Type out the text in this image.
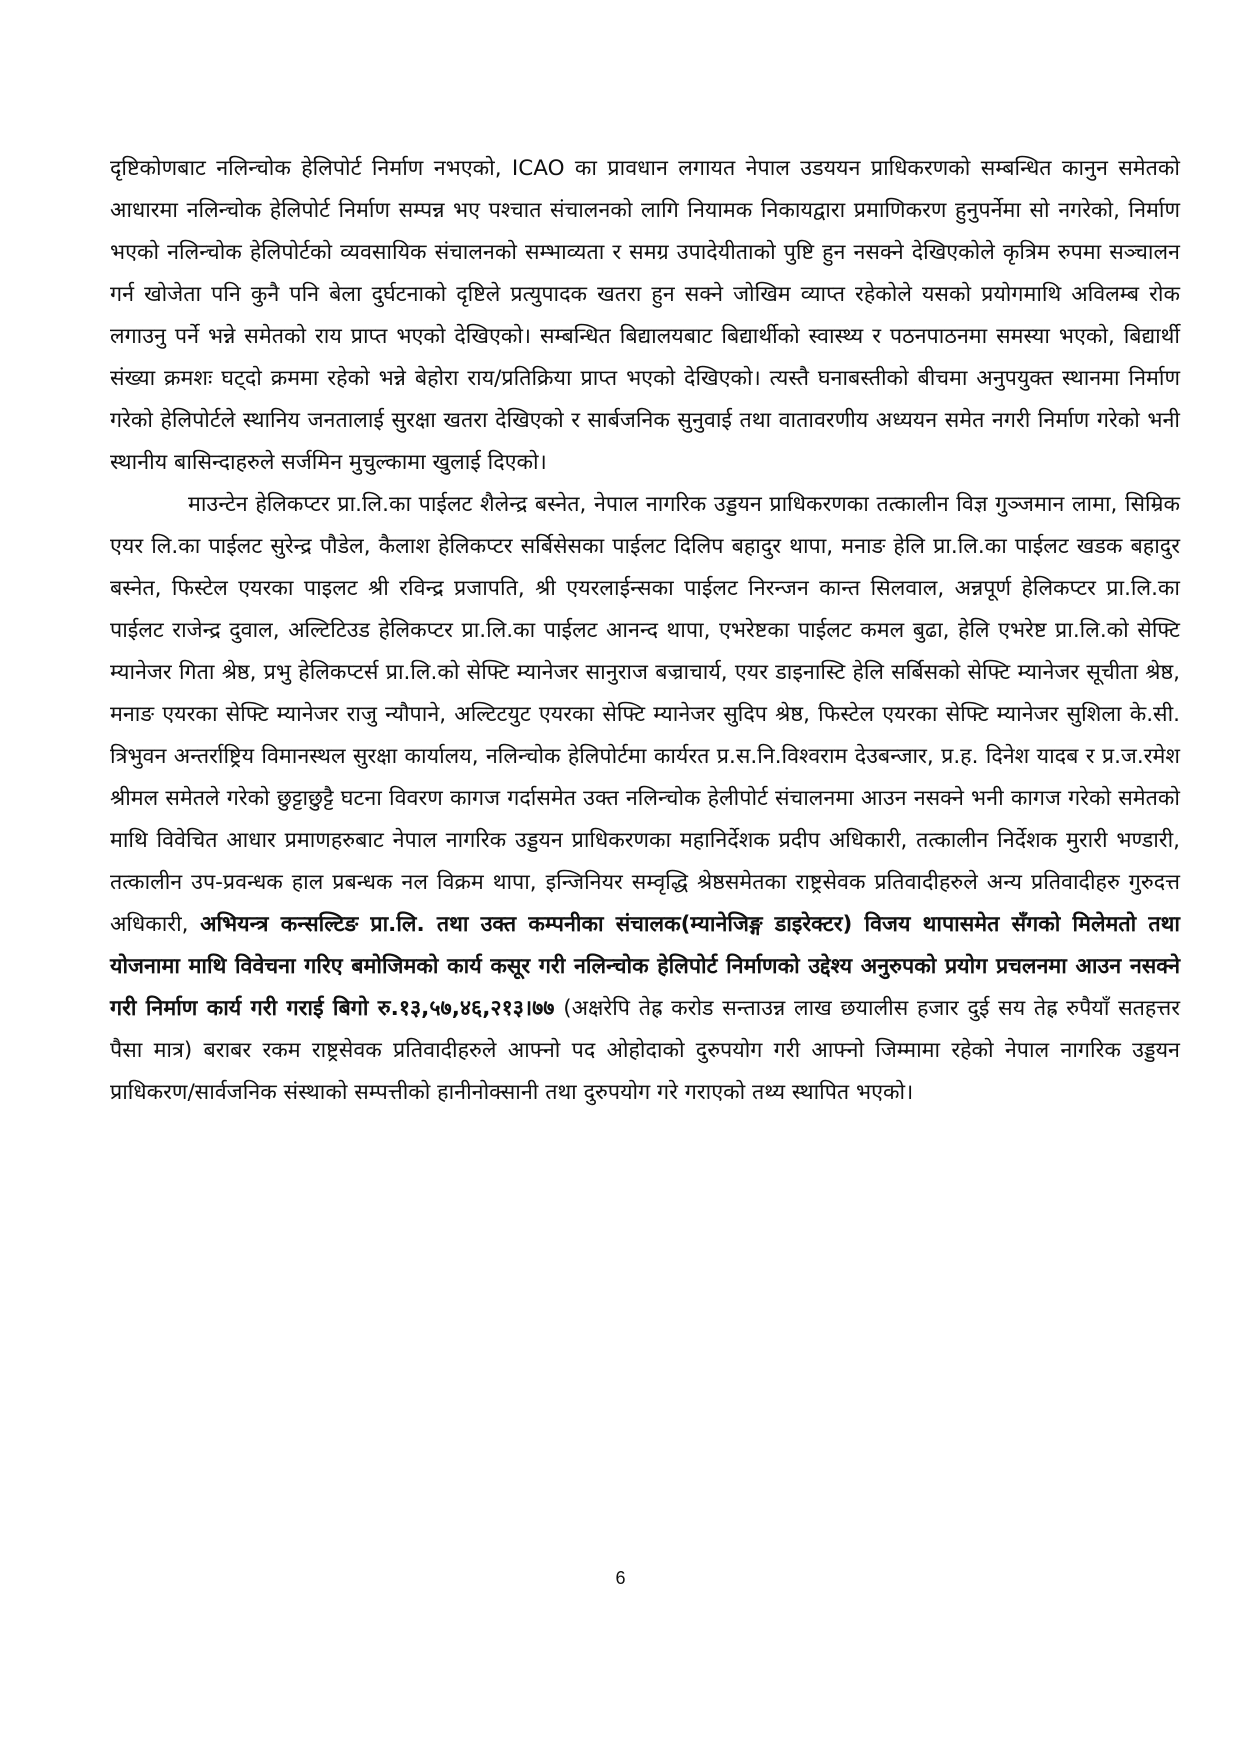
दृष्टिकोणबाट नलिन्चोक हेलिपोर्ट निर्माण नभएको, ICAO का प्रावधान लगायत नेपाल उडययन प्राधिकरणको सम्बन्धित कानुन समेतको आधारमा नलिन्चोक हेलिपोर्ट निर्माण सम्पन्न भए पश्चात संचालनको लागि नियामक निकायद्वारा प्रमाणिकरण हुनुपर्नेमा सो नगरेको, निर्माण भएको नलिन्चोक हेलिपोर्टको व्यवसायिक संचालनको सम्भाव्यता र समग्र उपादेयीताको पुष्टि हुन नसक्ने देखिएकोले कृत्रिम रुपमा सञ्चालन गर्न खोजेता पनि कुनै पनि बेला दुर्घटनाको दृष्टिले प्रत्युपादक खतरा हुन सक्ने जोखिम व्याप्त रहेकोले यसको प्रयोगमाथि अविलम्ब रोक लगाउनु पर्ने भन्ने समेतको राय प्राप्त भएको देखिएको। सम्बन्धित बिद्यालयबाट बिद्यार्थीको स्वास्थ्य र पठनपाठनमा समस्या भएको, बिद्यार्थी संख्या क्रमशः घट्दो क्रममा रहेको भन्ने बेहोरा राय/प्रतिक्रिया प्राप्त भएको देखिएको। त्यस्तै घनाबस्तीको बीचमा अनुपयुक्त स्थानमा निर्माण गरेको हेलिपोर्टले स्थानिय जनतालाई सुरक्षा खतरा देखिएको र सार्बजनिक सुनुवाई तथा वातावरणीय अध्ययन समेत नगरी निर्माण गरेको भनी स्थानीय बासिन्दाहरुले सर्जमिन मुचुल्कामा खुलाई दिएको।

माउन्टेन हेलिकप्टर प्रा.लि.का पाईलट शैलेन्द्र बस्नेत, नेपाल नागरिक उड्डयन प्राधिकरणका तत्कालीन विज्ञ गुञ्जमान लामा, सिम्रिक एयर लि.का पाईलट सुरेन्द्र पौडेल, कैलाश हेलिकप्टर सर्बिसेसका पाईलट दिलिप बहादुर थापा, मनाङ हेलि प्रा.लि.का पाईलट खडक बहादुर बस्नेत, फिस्टेल एयरका पाइलट श्री रविन्द्र प्रजापति, श्री एयरलाईन्सका पाईलट निरन्जन कान्त सिलवाल, अन्नपूर्ण हेलिकप्टर प्रा.लि.का पाईलट राजेन्द्र दुवाल, अल्टिटिउड हेलिकप्टर प्रा.लि.का पाईलट आनन्द थापा, एभरेष्टका पाईलट कमल बुढा, हेलि एभरेष्ट प्रा.लि.को सेफ्टि म्यानेजर गिता श्रेष्ठ, प्रभु हेलिकप्टर्स प्रा.लि.को सेफ्टि म्यानेजर सानुराज बज्राचार्य, एयर डाइनास्टि हेलि सर्बिसको सेफ्टि म्यानेजर सूचीता श्रेष्ठ, मनाङ एयरका सेफ्टि म्यानेजर राजु न्यौपाने, अल्टिटयुट एयरका सेफ्टि म्यानेजर सुदिप श्रेष्ठ, फिस्टेल एयरका सेफ्टि म्यानेजर सुशिला के.सी. त्रिभुवन अन्तर्राष्ट्रिय विमानस्थल सुरक्षा कार्यालय, नलिन्चोक हेलिपोर्टमा कार्यरत प्र.स.नि.विश्वराम देउबन्जार, प्र.ह. दिनेश यादब र प्र.ज.रमेश श्रीमल समेतले गरेको छुट्टाछुट्टै घटना विवरण कागज गर्दासमेत उक्त नलिन्चोक हेलीपोर्ट संचालनमा आउन नसक्ने भनी कागज गरेको समेतको माथि विवेचित आधार प्रमाणहरुबाट नेपाल नागरिक उड्डयन प्राधिकरणका महानिर्देशक प्रदीप अधिकारी, तत्कालीन निर्देशक मुरारी भण्डारी, तत्कालीन उप-प्रवन्धक हाल प्रबन्धक नल विक्रम थापा, इन्जिनियर सम्वृद्धि श्रेष्ठसमेतका राष्ट्रसेवक प्रतिवादीहरुले अन्य प्रतिवादीहरु गुरुदत्त अधिकारी, अभियन्त्र कन्सल्टिङ प्रा.लि. तथा उक्त कम्पनीका संचालक(म्यानेजिङ्ग डाइरेक्टर) विजय थापासमेत सँगको मिलेमतो तथा योजनामा माथि विवेचना गरिए बमोजिमको कार्य कसूर गरी नलिन्चोक हेलिपोर्ट निर्माणको उद्देश्य अनुरुपको प्रयोग प्रचलनमा आउन नसक्ने गरी निर्माण कार्य गरी गराई बिगो रु.१३,५७,४६,२१३।७७ (अक्षरेपि तेह्र करोड सन्ताउन्न लाख छयालीस हजार दुई सय तेह्र रुपैयाँ सतहत्तर पैसा मात्र) बराबर रकम राष्ट्रसेवक प्रतिवादीहरुले आफ्नो पद ओहोदाको दुरुपयोग गरी आफ्नो जिम्मामा रहेको नेपाल नागरिक उड्डयन प्राधिकरण/सार्वजनिक संस्थाको सम्पत्तीको हानीनोक्सानी तथा दुरुपयोग गरे गराएको तथ्य स्थापित भएको।

6
